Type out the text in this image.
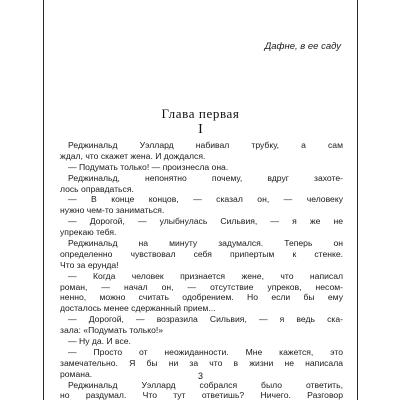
Дафне, в ее саду
Глава первая
I
Реджинальд Уэллард набивал трубку, а сам
ждал, что скажет жена. И дождался.
— Подумать только! — произнесла она.
Реджинальд, непонятно почему, вдруг захоте-
лось оправдаться.
— В конце концов, — сказал он, — человеку
нужно чем-то заниматься.
— Дорогой, — улыбнулась Сильвия, — я же не
упрекаю тебя.
Реджинальд на минуту задумался. Теперь он
определенно чувствовал себя припертым к стенке.
Что за ерунда!
— Когда человек признается жене, что написал
роман, — начал он, — отсутствие упреков, несом-
ненно, можно считать одобрением. Но если бы ему
досталось менее сдержанный прием...
— Дорогой, — возразила Сильвия, — я ведь ска-
зала: «Подумать только!»
— Ну да. И все.
— Просто от неожиданности. Мне кажется, это
замечательно. Я бы ни за что в жизни не написала
романа.
Реджинальд Уэллард собрался было ответить,
но раздумал. Что тут ответишь? Ничего. Разговор
3
